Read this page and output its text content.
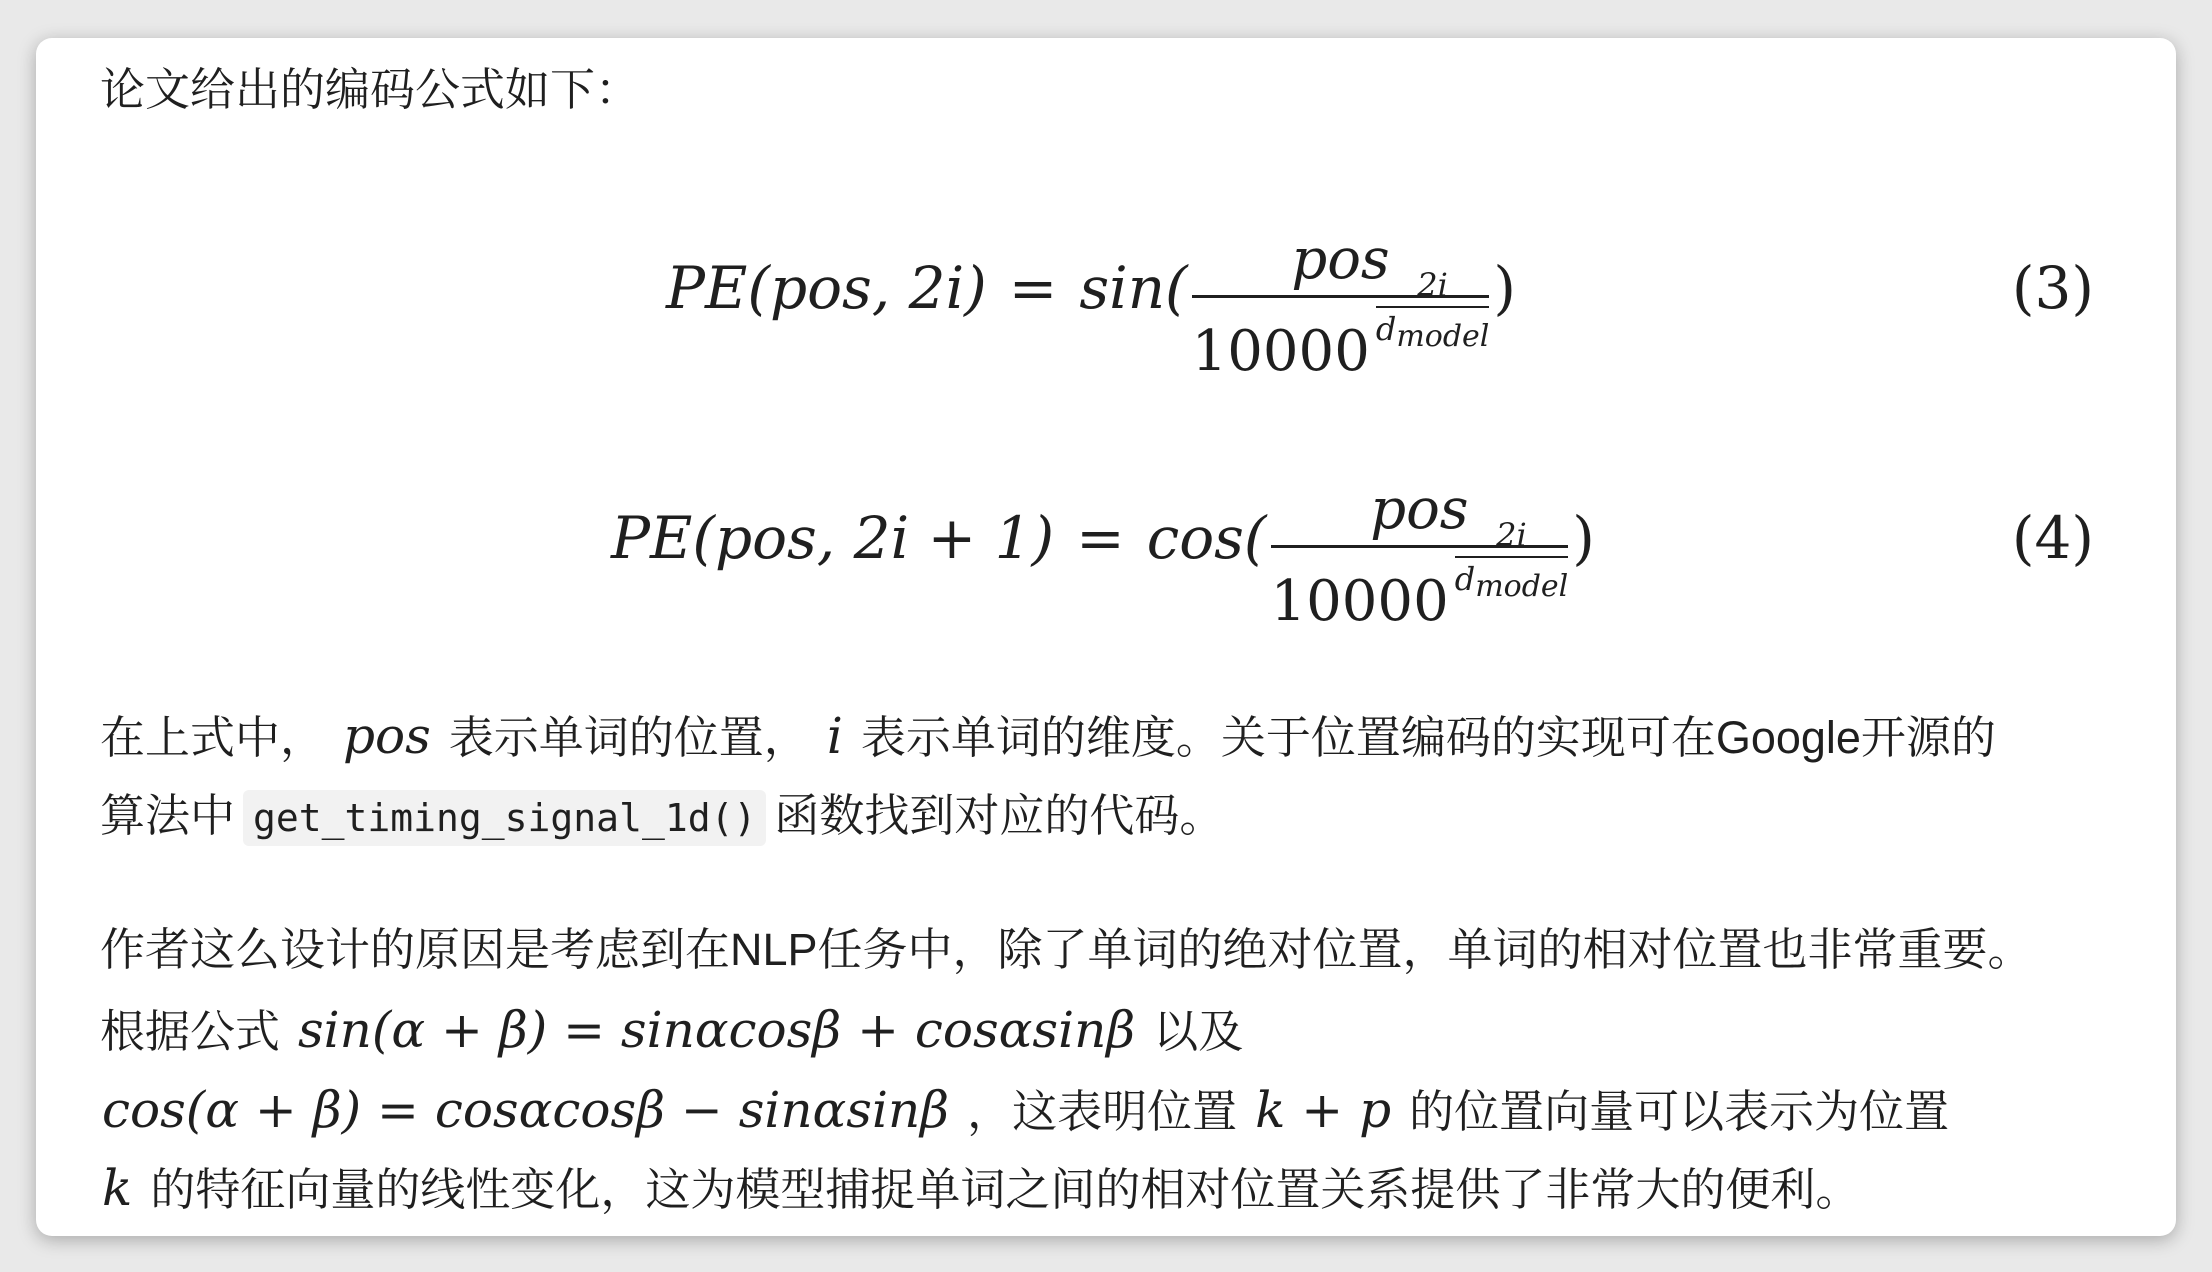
论文给出的编码公式如下：

PE(pos, 2i) = sin( pos
10000
2i
$d_{model}$
)	(3)
PE(pos, 2i + 1) = cos( pos
10000
2i
$d_{model}$
)	(4)

在上式中， pos 表示单词的位置， i 表示单词的维度。关于位置编码的实现可在Google开源的

算法中 get_timing_signal_1d() 函数找到对应的代码。

作者这么设计的原因是考虑到在NLP任务中，除了单词的绝对位置，单词的相对位置也非常重要。

根据公式 sin(α + β) = sinαcosβ + cosαsinβ 以及

cos(α + β) = cosαcosβ − sinαsinβ ，这表明位置 k + p 的位置向量可以表示为位置

k 的特征向量的线性变化，这为模型捕捉单词之间的相对位置关系提供了非常大的便利。
